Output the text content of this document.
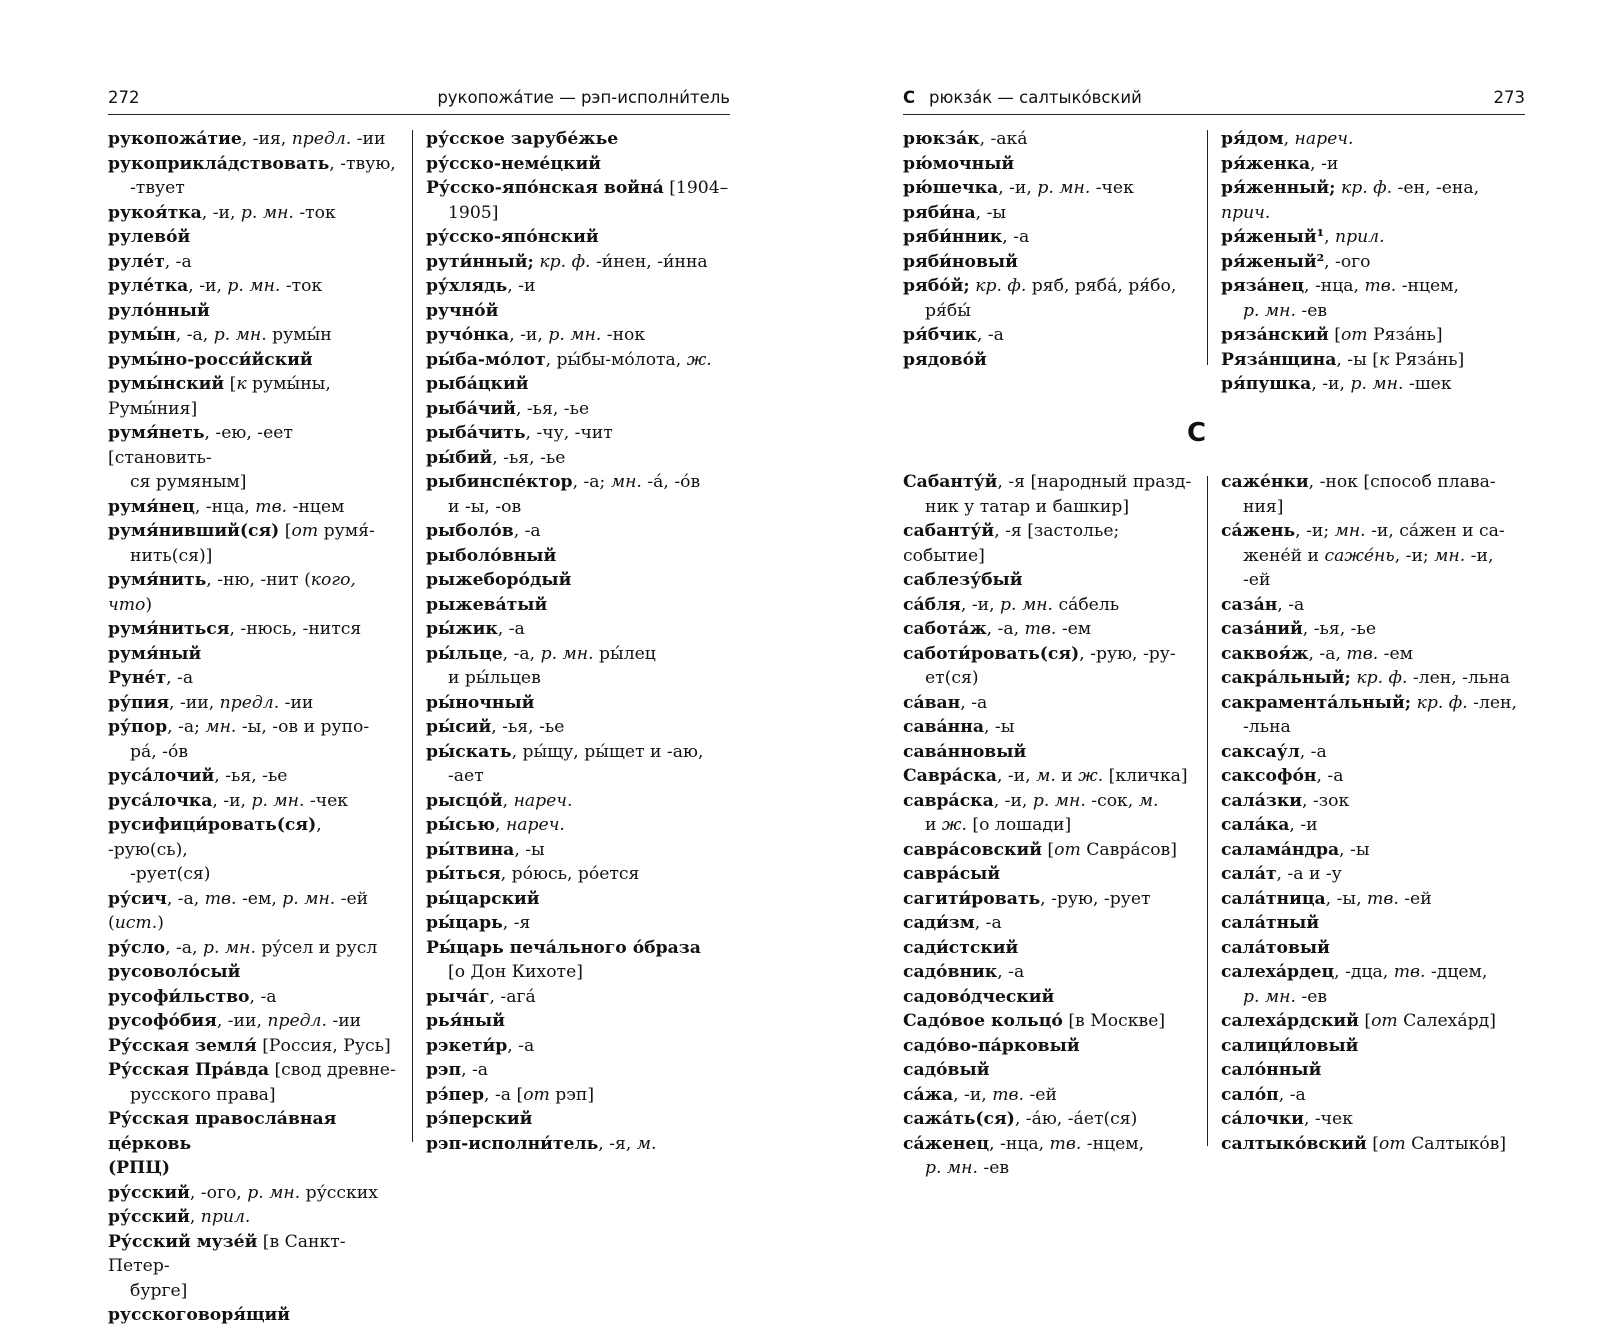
272	рукопожа́тие — рэп-исполни́тель
рукопожа́тие, -ия, предл. -ии
рукоприкла́дствовать, -твую,
-твует
рукоя́тка, -и, р. мн. -ток
рулево́й
руле́т, -а
руле́тка, -и, р. мн. -ток
руло́нный
румы́н, -а, р. мн. румы́н
румы́но-росси́йский
румы́нский [к румы́ны, Румы́ния]
румя́неть, -ею, -еет [становить-
ся румяным]
румя́нец, -нца, тв. -нцем
румя́нивший(ся) [от румя́-
нить(ся)]
румя́нить, -ню, -нит (кого, что)
румя́ниться, -нюсь, -нится
румя́ный
Руне́т, -а
ру́пия, -ии, предл. -ии
ру́пор, -а; мн. -ы, -ов и рупо-
ра́, -о́в
руса́лочий, -ья, -ье
руса́лочка, -и, р. мн. -чек
русифици́ровать(ся), -рую(сь),
-рует(ся)
ру́сич, -а, тв. -ем, р. мн. -ей (ист.)
ру́сло, -а, р. мн. ру́сел и русл
русоволо́сый
русофи́льство, -а
русофо́бия, -ии, предл. -ии
Ру́сская земля́ [Россия, Русь]
Ру́сская Пра́вда [свод древне-
русского права]
Ру́сская правосла́вная це́рковь
(РПЦ)
ру́сский, -ого, р. мн. ру́сских
ру́сский, прил.
Ру́сский музе́й [в Санкт-Петер-
бурге]
русскоговоря́щий
ру́сское зарубе́жье
ру́сско-неме́цкий
Ру́сско-япо́нская война́ [1904–
1905]
ру́сско-япо́нский
рути́нный; кр. ф. -и́нен, -и́нна
ру́хлядь, -и
ручно́й
ручо́нка, -и, р. мн. -нок
ры́ба-мо́лот, ры́бы-мо́лота, ж.
рыба́цкий
рыба́чий, -ья, -ье
рыба́чить, -чу, -чит
ры́бий, -ья, -ье
рыбинспе́ктор, -а; мн. -а́, -о́в
и -ы, -ов
рыболо́в, -а
рыболо́вный
рыжеборо́дый
рыжева́тый
ры́жик, -а
ры́льце, -а, р. мн. ры́лец
и ры́льцев
ры́ночный
ры́сий, -ья, -ье
ры́скать, ры́щу, ры́щет и -аю,
-ает
рысцо́й, нареч.
ры́сью, нареч.
ры́твина, -ы
ры́ться, ро́юсь, ро́ется
ры́царский
ры́царь, -я
Ры́царь печа́льного о́браза
[о Дон Кихоте]
рыча́г, -ага́
рья́ный
рэкети́р, -а
рэп, -а
рэ́пер, -а [от рэп]
рэ́перский
рэп-исполни́тель, -я, м.
С рюкза́к — салтыко́вский	273
рюкза́к, -ака́
рю́мочный
рю́шечка, -и, р. мн. -чек
ряби́на, -ы
ряби́нник, -а
ряби́новый
рябо́й; кр. ф. ряб, ряба́, ря́бо,
ря́бы́
ря́бчик, -а
рядово́й
ря́дом, нареч.
ря́женка, -и
ря́женный; кр. ф. -ен, -ена, прич.
ря́женый¹, прил.
ря́женый², -ого
ряза́нец, -нца, тв. -нцем,
р. мн. -ев
ряза́нский [от Ряза́нь]
Ряза́нщина, -ы [к Ряза́нь]
ря́пушка, -и, р. мн. -шек
С
Сабанту́й, -я [народный празд-
ник у татар и башкир]
сабанту́й, -я [застолье; событие]
саблезу́бый
са́бля, -и, р. мн. са́бель
сабота́ж, -а, тв. -ем
саботи́ровать(ся), -рую, -ру-
ет(ся)
са́ван, -а
сава́нна, -ы
сава́нновый
Савра́ска, -и, м. и ж. [кличка]
савра́ска, -и, р. мн. -сок, м.
и ж. [о лошади]
савра́совский [от Савра́сов]
савра́сый
сагити́ровать, -рую, -рует
сади́зм, -а
сади́стский
садо́вник, -а
садово́дческий
Садо́вое кольцо́ [в Москве]
садо́во-па́рковый
садо́вый
са́жа, -и, тв. -ей
сажа́ть(ся), -а́ю, -а́ет(ся)
са́женец, -нца, тв. -нцем,
р. мн. -ев
саже́нки, -нок [способ плава-
ния]
са́жень, -и; мн. -и, са́жен и са-
жене́й и саже́нь, -и; мн. -и,
-ей
саза́н, -а
саза́ний, -ья, -ье
саквоя́ж, -а, тв. -ем
сакра́льный; кр. ф. -лен, -льна
сакрамента́льный; кр. ф. -лен,
-льна
саксау́л, -а
саксофо́н, -а
сала́зки, -зок
сала́ка, -и
салама́ндра, -ы
сала́т, -а и -у
сала́тница, -ы, тв. -ей
сала́тный
сала́товый
салеха́рдец, -дца, тв. -дцем,
р. мн. -ев
салеха́рдский [от Салеха́рд]
салици́ловый
сало́нный
сало́п, -а
са́лочки, -чек
салтыко́вский [от Салтыко́в]
